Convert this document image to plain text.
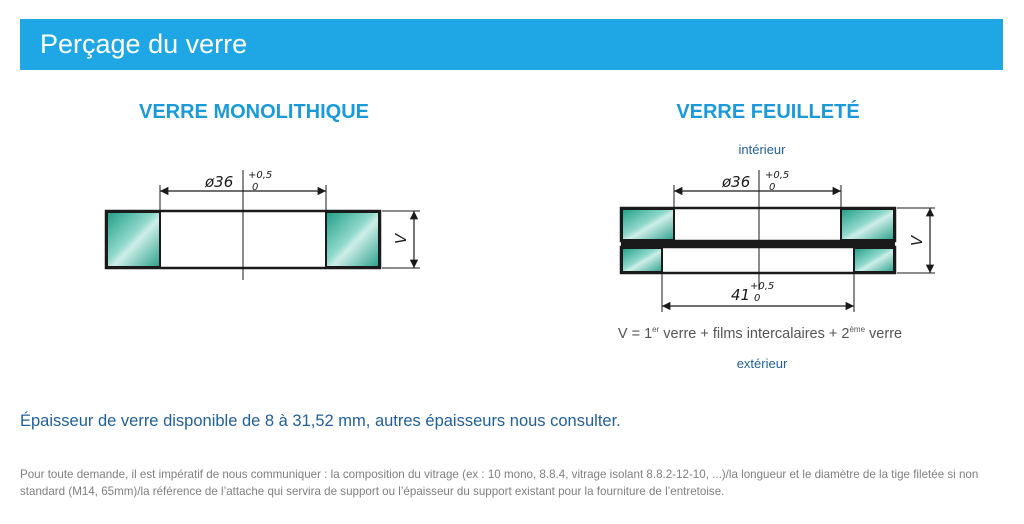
Perçage du verre
VERRE MONOLITHIQUE	VERRE FEUILLETÉ
intérieur
extérieur
ø36 +0,5
0
V
ø36 +0,5
0
41 +0,5
0
V
V = 1er verre + films intercalaires + 2ème verre
Épaisseur de verre disponible de 8 à 31,52 mm, autres épaisseurs nous consulter.
Pour toute demande, il est impératif de nous communiquer : la composition du vitrage (ex : 10 mono, 8.8.4, vitrage isolant 8.8.2-12-10, ...)/la longueur et le diamètre de la tige filetée si non standard (M14, 65mm)/la référence de l’attache qui servira de support ou l’épaisseur du support existant pour la fourniture de l’entretoise.
